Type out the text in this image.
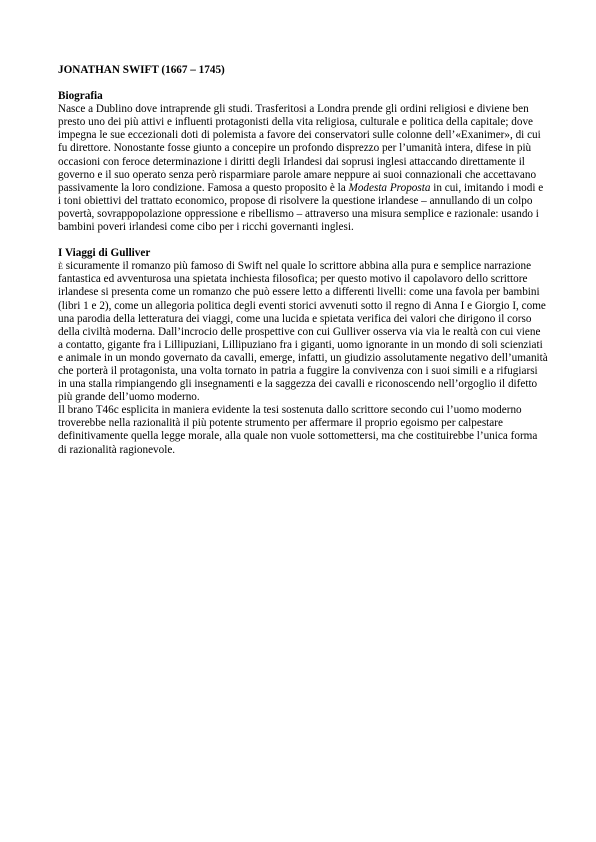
JONATHAN SWIFT (1667 – 1745)

Biografia

Nasce a Dublino dove intraprende gli studi. Trasferitosi a Londra prende gli ordini religiosi e diviene ben presto uno dei più attivi e influenti protagonisti della vita religiosa, culturale e politica della capitale; dove impegna le sue eccezionali doti di polemista a favore dei conservatori sulle colonne dell’«Exanimer», di cui fu direttore. Nonostante fosse giunto a concepire un profondo disprezzo per l’umanità intera, difese in più occasioni con feroce determinazione i diritti degli Irlandesi dai soprusi inglesi attaccando direttamente il governo e il suo operato senza però risparmiare parole amare neppure ai suoi connazionali che accettavano passivamente la loro condizione. Famosa a questo proposito è la Modesta Proposta in cui, imitando i modi e i toni obiettivi del trattato economico, propose di risolvere la questione irlandese – annullando di un colpo povertà, sovrappopolazione oppressione e ribellismo – attraverso una misura semplice e razionale: usando i bambini poveri irlandesi come cibo per i ricchi governanti inglesi.

I Viaggi di Gulliver

È sicuramente il romanzo più famoso di Swift nel quale lo scrittore abbina alla pura e semplice narrazione fantastica ed avventurosa una spietata inchiesta filosofica; per questo motivo il capolavoro dello scrittore irlandese si presenta come un romanzo che può essere letto a differenti livelli: come una favola per bambini (libri 1 e 2), come un allegoria politica degli eventi storici avvenuti sotto il regno di Anna I e Giorgio I, come una parodia della letteratura dei viaggi, come una lucida e spietata verifica dei valori che dirigono il corso della civiltà moderna. Dall’incrocio delle prospettive con cui Gulliver osserva via via le realtà con cui viene a contatto, gigante fra i Lillipuziani, Lillipuziano fra i giganti, uomo ignorante in un mondo di soli scienziati e animale in un mondo governato da cavalli, emerge, infatti, un giudizio assolutamente negativo dell’umanità che porterà il protagonista, una volta tornato in patria a fuggire la convivenza con i suoi simili e a rifugiarsi in una stalla rimpiangendo gli insegnamenti e la saggezza dei cavalli e riconoscendo nell’orgoglio il difetto più grande dell’uomo moderno.

Il brano T46c esplicita in maniera evidente la tesi sostenuta dallo scrittore secondo cui l’uomo moderno troverebbe nella razionalità il più potente strumento per affermare il proprio egoismo per calpestare definitivamente quella legge morale, alla quale non vuole sottomettersi, ma che costituirebbe l’unica forma di razionalità ragionevole.
